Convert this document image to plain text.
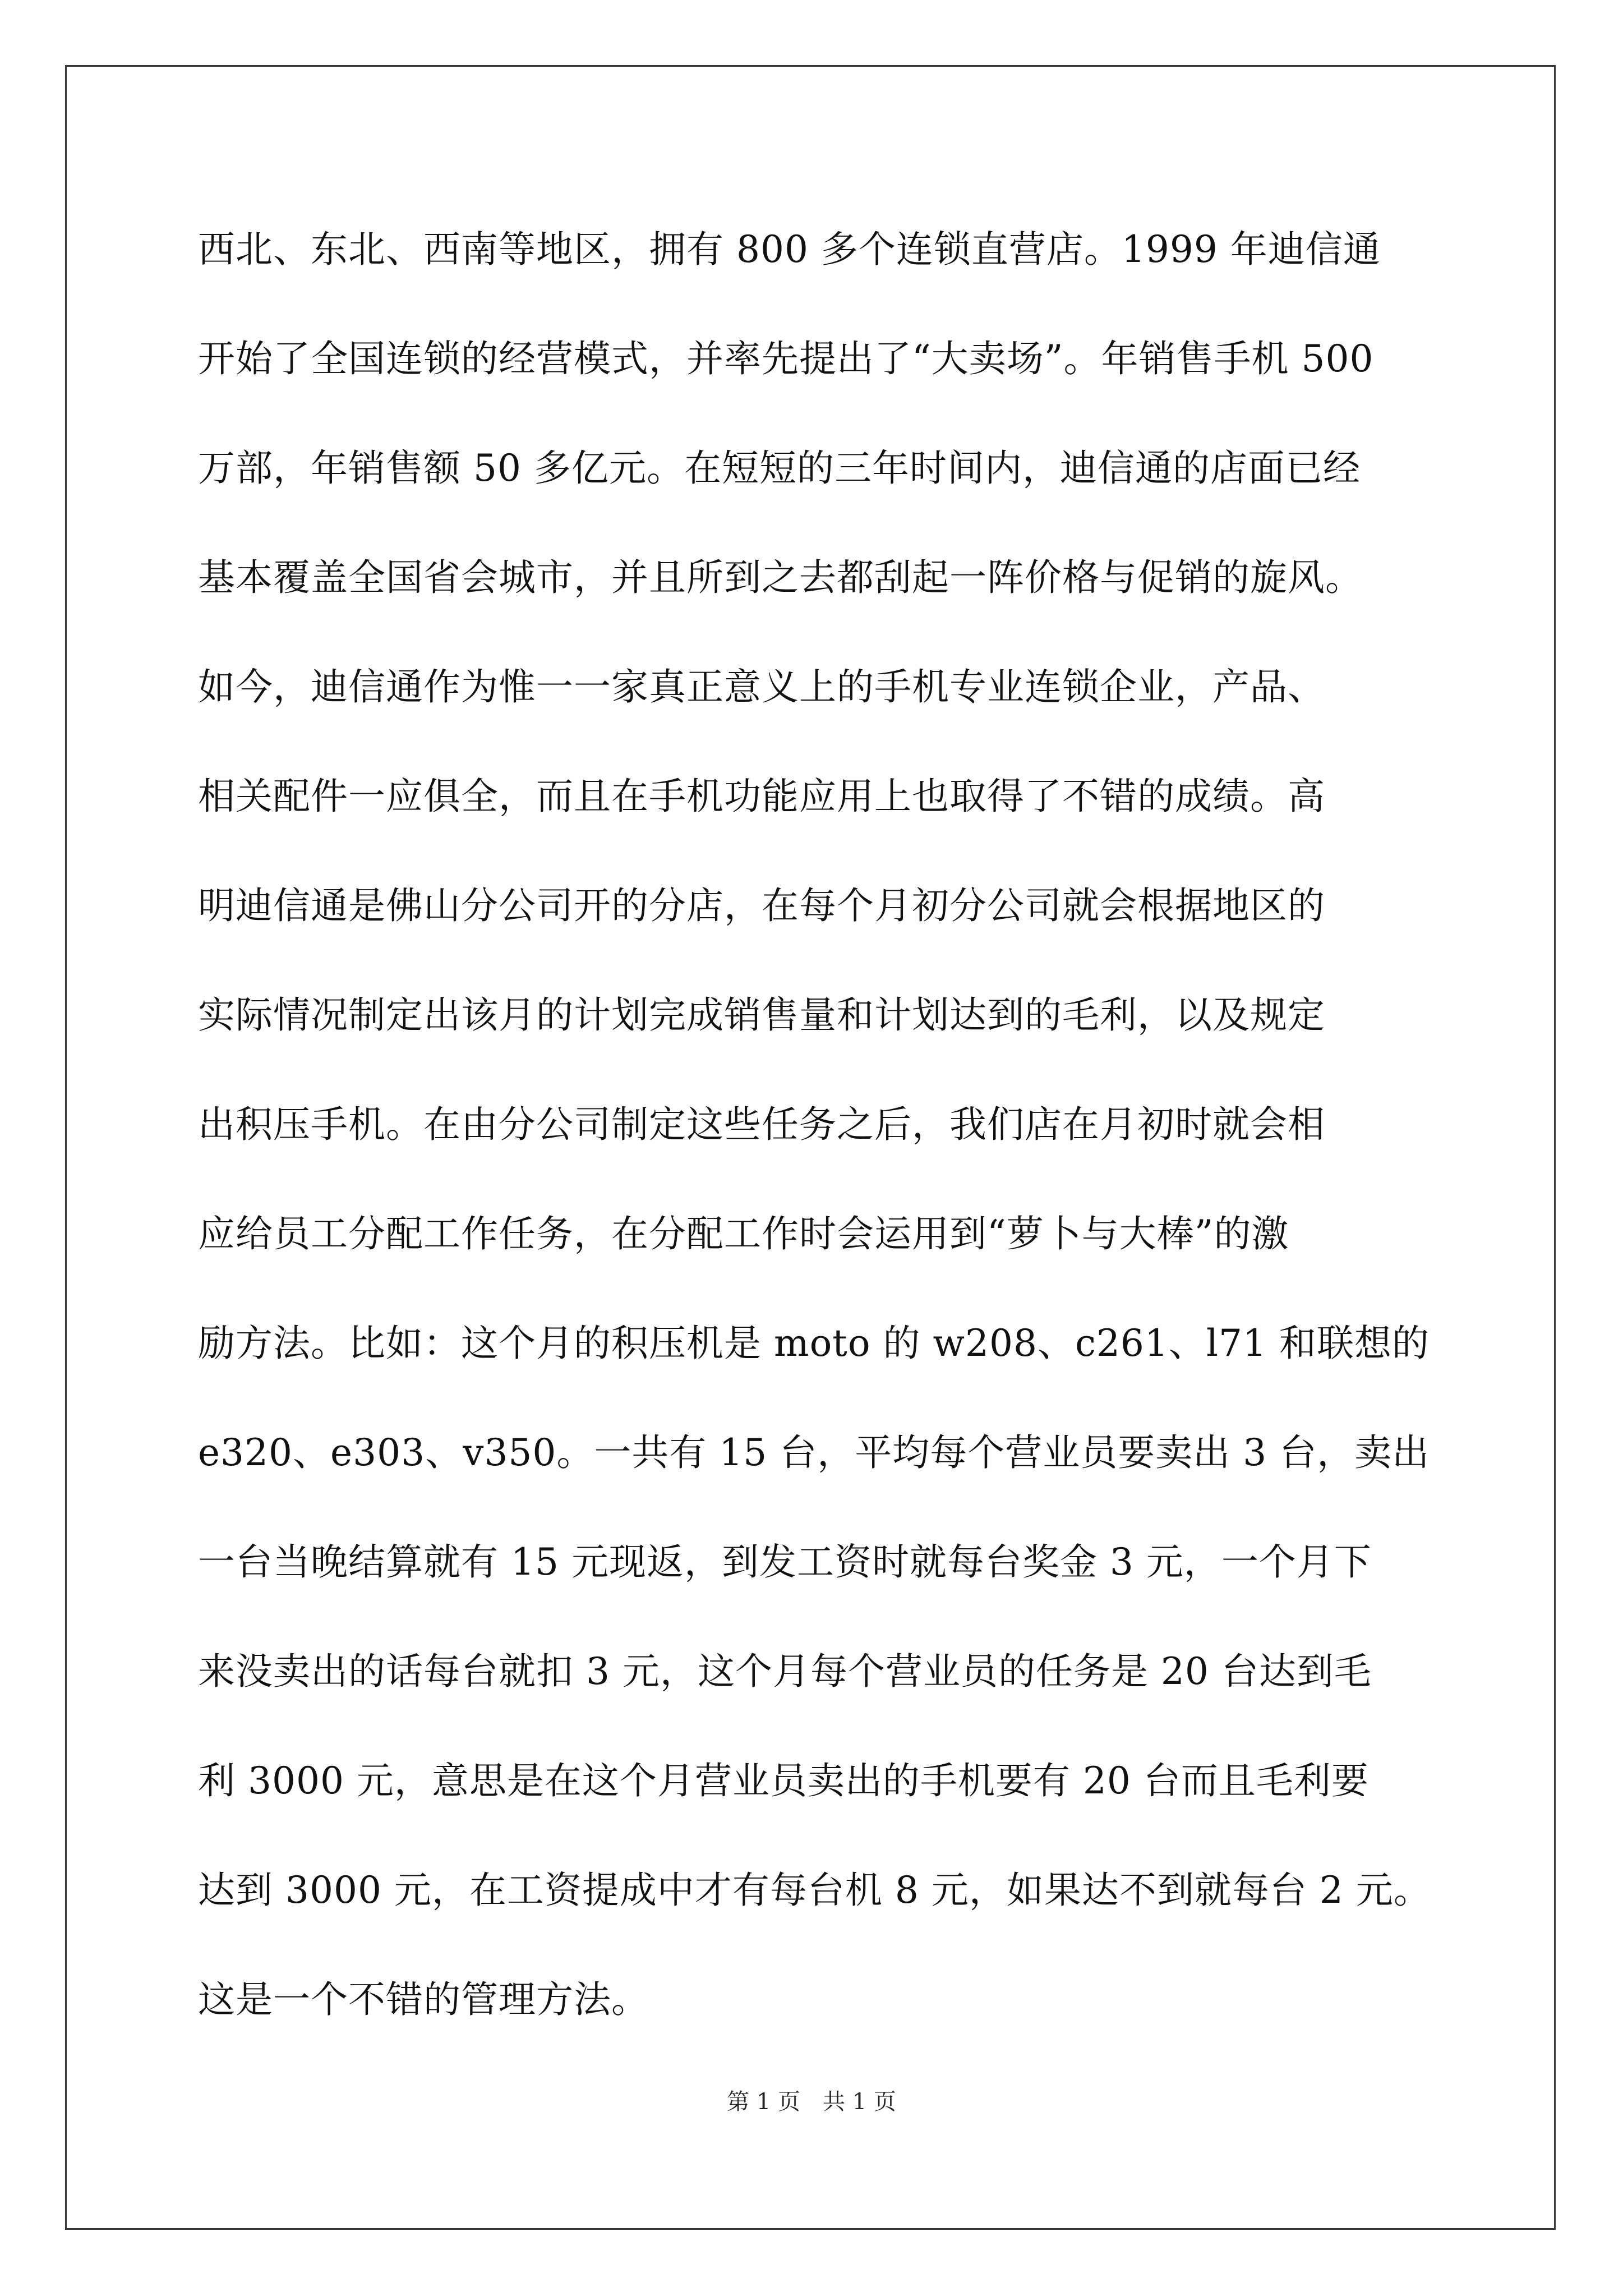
西北、东北、西南等地区，拥有 800 多个连锁直营店。1999 年迪信通
开始了全国连锁的经营模式，并率先提出了“大卖场”。年销售手机 500
万部，年销售额 50 多亿元。在短短的三年时间内，迪信通的店面已经
基本覆盖全国省会城市，并且所到之去都刮起一阵价格与促销的旋风。
如今，迪信通作为惟一一家真正意义上的手机专业连锁企业，产品、
相关配件一应俱全，而且在手机功能应用上也取得了不错的成绩。高
明迪信通是佛山分公司开的分店，在每个月初分公司就会根据地区的
实际情况制定出该月的计划完成销售量和计划达到的毛利，以及规定
出积压手机。在由分公司制定这些任务之后，我们店在月初时就会相
应给员工分配工作任务，在分配工作时会运用到“萝卜与大棒”的激
励方法。比如：这个月的积压机是 moto 的 w208、c261、l71 和联想的
e320、e303、v350。一共有 15 台，平均每个营业员要卖出 3 台，卖出
一台当晚结算就有 15 元现返，到发工资时就每台奖金 3 元，一个月下
来没卖出的话每台就扣 3 元，这个月每个营业员的任务是 20 台达到毛
利 3000 元，意思是在这个月营业员卖出的手机要有 20 台而且毛利要
达到 3000 元，在工资提成中才有每台机 8 元，如果达不到就每台 2 元。
这是一个不错的管理方法。
第 1 页　共 1 页
